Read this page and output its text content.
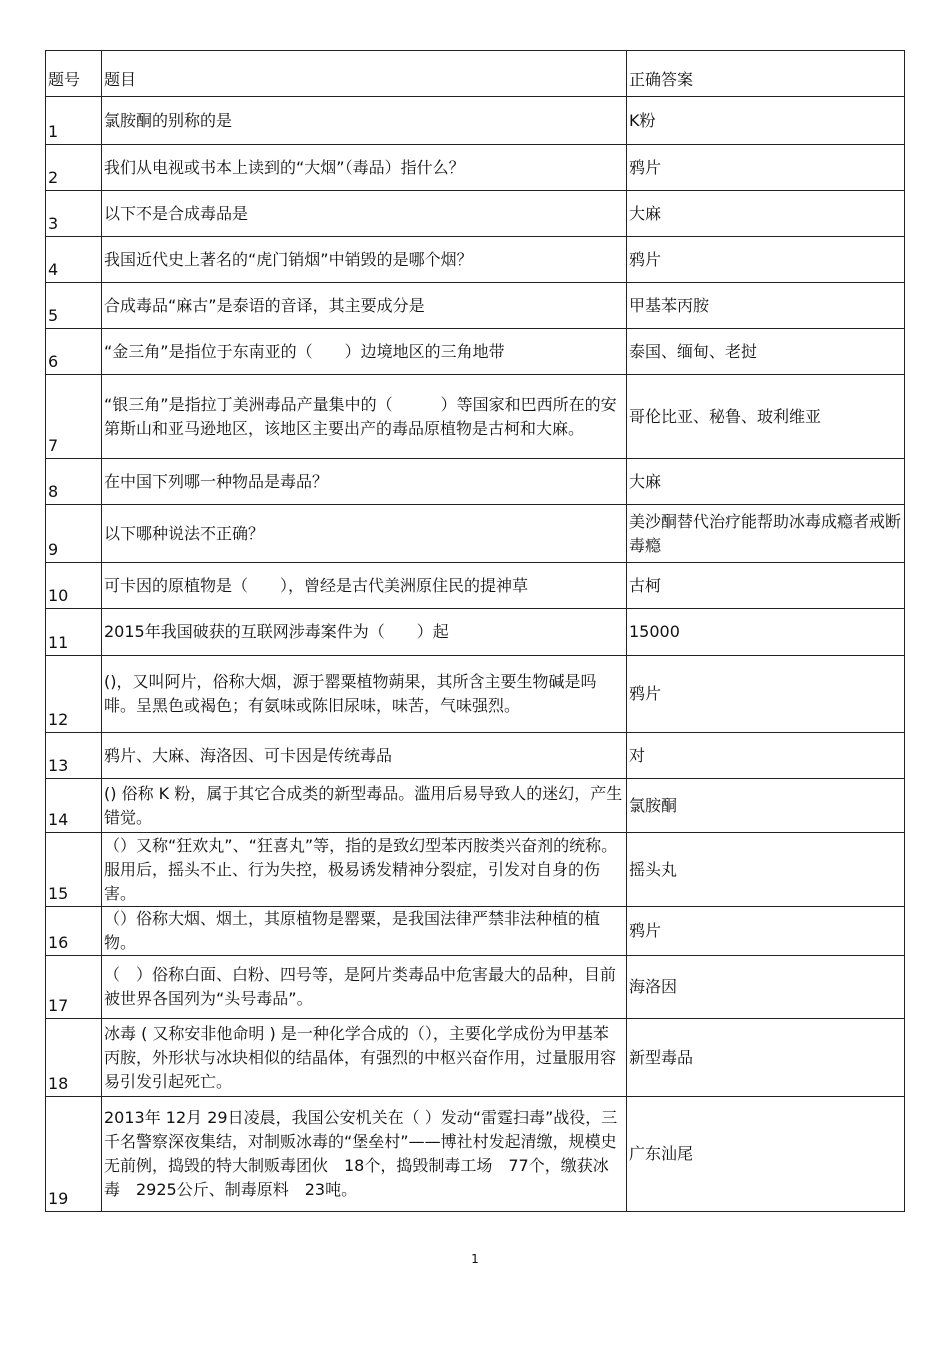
题号	题目	正确答案
1	氯胺酮的别称的是	K粉
2	我们从电视或书本上读到的“大烟”（毒品）指什么？	鸦片
3	以下不是合成毒品是	大麻
4	我国近代史上著名的“虎门销烟”中销毁的是哪个烟？	鸦片
5	合成毒品“麻古”是泰语的音译，其主要成分是	甲基苯丙胺
6	“金三角”是指位于东南亚的（　　）边境地区的三角地带	泰国、缅甸、老挝
7	“银三角”是指拉丁美洲毒品产量集中的（　　　）等国家和巴西所在的安第斯山和亚马逊地区，该地区主要出产的毒品原植物是古柯和大麻。	哥伦比亚、秘鲁、玻利维亚
8	在中国下列哪一种物品是毒品？	大麻
9	以下哪种说法不正确？	美沙酮替代治疗能帮助冰毒成瘾者戒断毒瘾
10	可卡因的原植物是（　　），曾经是古代美洲原住民的提神草	古柯
11	2015年我国破获的互联网涉毒案件为（　　）起	15000
12	()，又叫阿片，俗称大烟，源于罂粟植物蒴果，其所含主要生物碱是吗啡。呈黑色或褐色；有氨味或陈旧尿味，味苦，气味强烈。	鸦片
13	鸦片、大麻、海洛因、可卡因是传统毒品	对
14	() 俗称 K 粉，属于其它合成类的新型毒品。滥用后易导致人的迷幻，产生错觉。	氯胺酮
15	（）又称“狂欢丸”、“狂喜丸”等，指的是致幻型苯丙胺类兴奋剂的统称。服用后，摇头不止、行为失控，极易诱发精神分裂症，引发对自身的伤害。	摇头丸
16	（）俗称大烟、烟土，其原植物是罂粟，是我国法律严禁非法种植的植物。	鸦片
17	（　）俗称白面、白粉、四号等，是阿片类毒品中危害最大的品种，目前被世界各国列为“头号毒品”。	海洛因
18	冰毒 ( 又称安非他命明 ) 是一种化学合成的（），主要化学成份为甲基苯丙胺，外形状与冰块相似的结晶体，有强烈的中枢兴奋作用，过量服用容易引发引起死亡。	新型毒品
19	2013年 12月 29日凌晨，我国公安机关在（ ）发动“雷霆扫毒”战役，三千名警察深夜集结，对制贩冰毒的“堡垒村”——博社村发起清缴，规模史无前例，捣毁的特大制贩毒团伙　18个，捣毁制毒工场　77个，缴获冰毒　2925公斤、制毒原料　23吨。	广东汕尾
1
